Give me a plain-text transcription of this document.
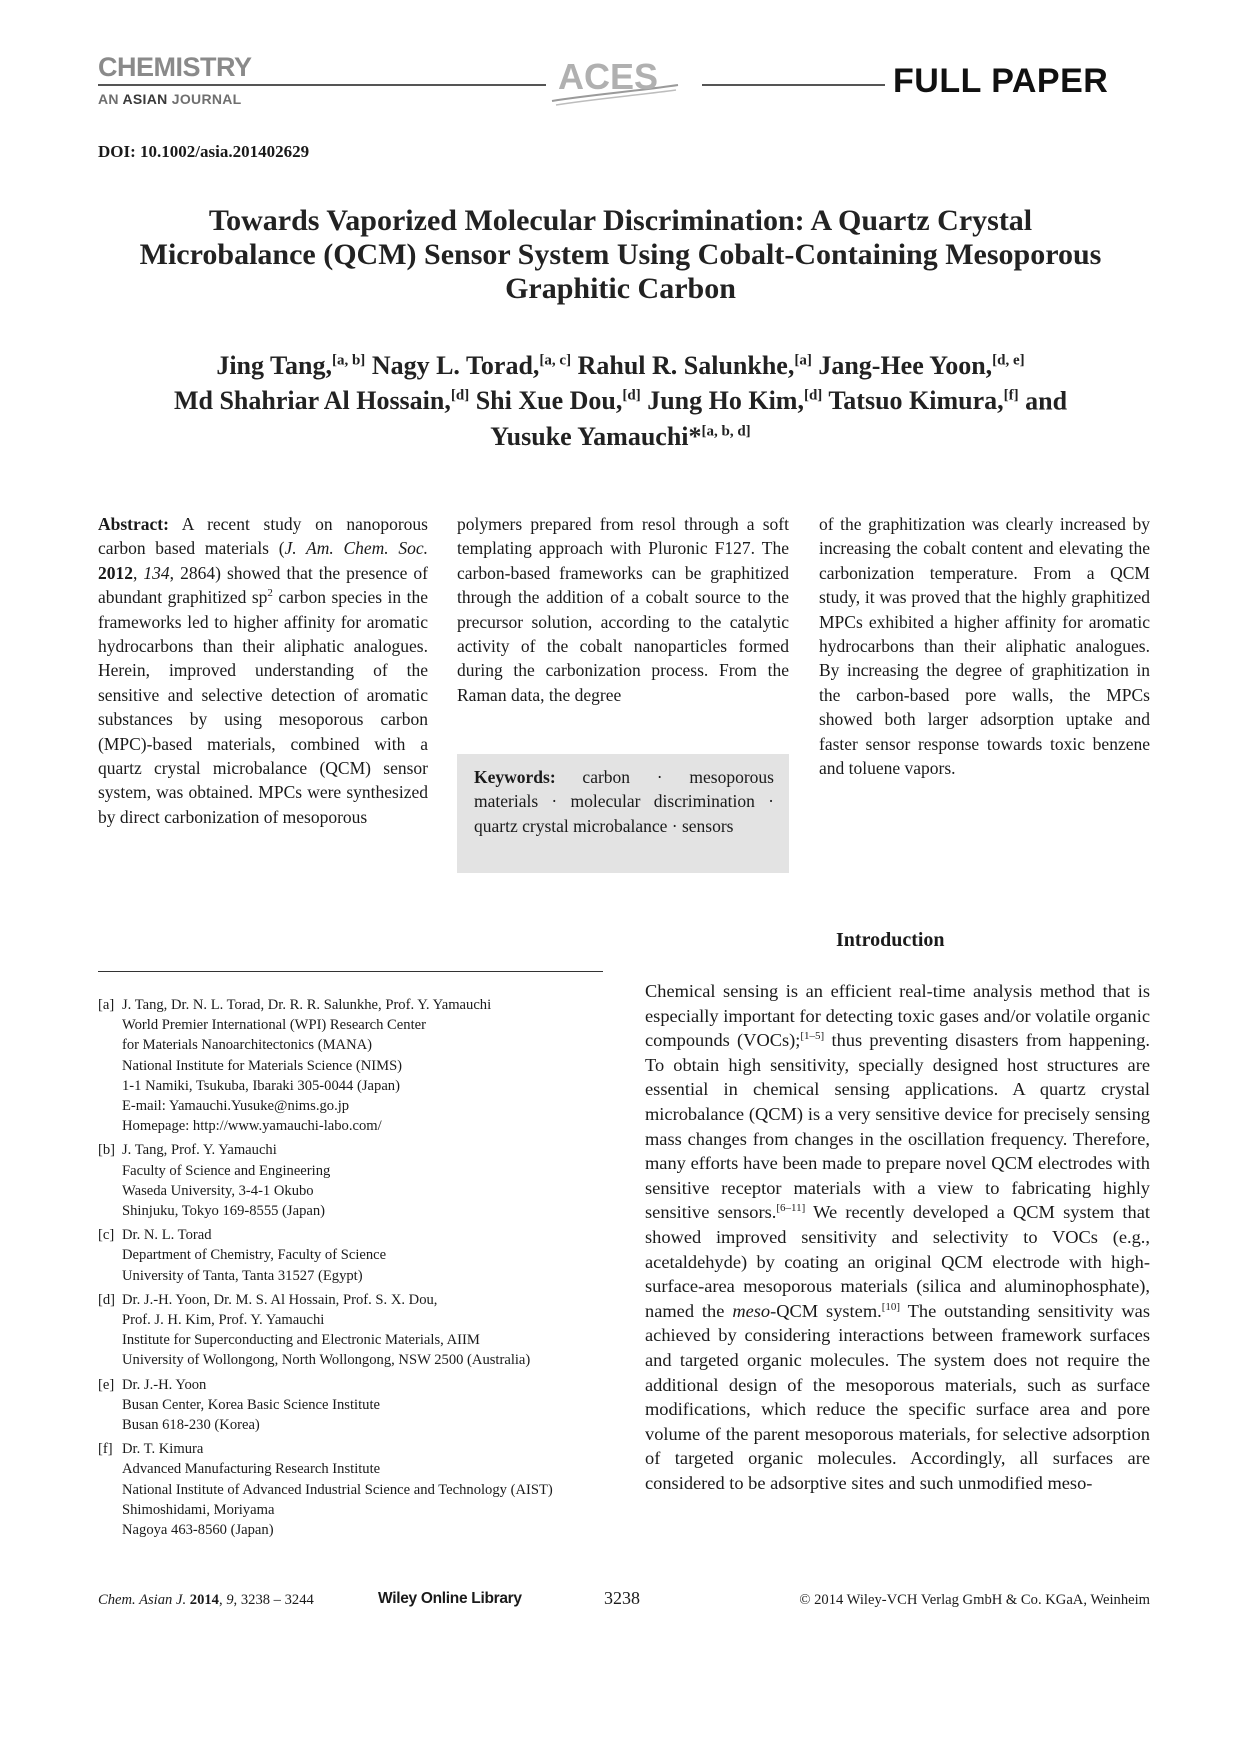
CHEMISTRY
AN ASIAN JOURNAL
ACES	FULL PAPER
DOI: 10.1002/asia.201402629
Towards Vaporized Molecular Discrimination: A Quartz Crystal
Microbalance (QCM) Sensor System Using Cobalt-Containing Mesoporous
Graphitic Carbon
Jing Tang,[a, b] Nagy L. Torad,[a, c] Rahul R. Salunkhe,[a] Jang-Hee Yoon,[d, e]
Md Shahriar Al Hossain,[d] Shi Xue Dou,[d] Jung Ho Kim,[d] Tatsuo Kimura,[f] and
Yusuke Yamauchi*[a, b, d]
Abstract: A recent study on nanoporous carbon based materials (J. Am. Chem. Soc. 2012, 134, 2864) showed that the presence of abundant graphitized $sp^2$ carbon species in the frameworks led to higher affinity for aromatic hydrocarbons than their aliphatic analogues. Herein, improved understanding of the sensitive and selective detection of aromatic substances by using mesoporous carbon (MPC)-based materials, combined with a quartz crystal microbalance (QCM) sensor system, was obtained. MPCs were synthesized by direct carbonization of mesoporous
polymers prepared from resol through a soft templating approach with Pluronic F127. The carbon-based frameworks can be graphitized through the addition of a cobalt source to the precursor solution, according to the catalytic activity of the cobalt nanoparticles formed during the carbonization process. From the Raman data, the degree
of the graphitization was clearly increased by increasing the cobalt content and elevating the carbonization temperature. From a QCM study, it was proved that the highly graphitized MPCs exhibited a higher affinity for aromatic hydrocarbons than their aliphatic analogues. By increasing the degree of graphitization in the carbon-based pore walls, the MPCs showed both larger adsorption uptake and faster sensor response towards toxic benzene and toluene vapors.
Keywords: carbon · mesoporous materials · molecular discrimination · quartz crystal microbalance · sensors
Introduction
Chemical sensing is an efficient real-time analysis method that is especially important for detecting toxic gases and/or volatile organic compounds (VOCs);[1–5] thus preventing disasters from happening. To obtain high sensitivity, specially designed host structures are essential in chemical sensing applications. A quartz crystal microbalance (QCM) is a very sensitive device for precisely sensing mass changes from changes in the oscillation frequency. Therefore, many efforts have been made to prepare novel QCM electrodes with sensitive receptor materials with a view to fabricating highly sensitive sensors.[6–11] We recently developed a QCM system that showed improved sensitivity and selectivity to VOCs (e.g., acetaldehyde) by coating an original QCM electrode with high-surface-area mesoporous materials (silica and aluminophosphate), named the meso-QCM system.[10] The outstanding sensitivity was achieved by considering interactions between framework surfaces and targeted organic molecules. The system does not require the additional design of the mesoporous materials, such as surface modifications, which reduce the specific surface area and pore volume of the parent mesoporous materials, for selective adsorption of targeted organic molecules. Accordingly, all surfaces are considered to be adsorptive sites and such unmodified meso-
[a] J. Tang, Dr. N. L. Torad, Dr. R. R. Salunkhe, Prof. Y. Yamauchi
World Premier International (WPI) Research Center
for Materials Nanoarchitectonics (MANA)
National Institute for Materials Science (NIMS)
1-1 Namiki, Tsukuba, Ibaraki 305-0044 (Japan)
E-mail: Yamauchi.Yusuke@nims.go.jp
Homepage: http://www.yamauchi-labo.com/
[b] J. Tang, Prof. Y. Yamauchi
Faculty of Science and Engineering
Waseda University, 3-4-1 Okubo
Shinjuku, Tokyo 169-8555 (Japan)
[c] Dr. N. L. Torad
Department of Chemistry, Faculty of Science
University of Tanta, Tanta 31527 (Egypt)
[d] Dr. J.-H. Yoon, Dr. M. S. Al Hossain, Prof. S. X. Dou,
Prof. J. H. Kim, Prof. Y. Yamauchi
Institute for Superconducting and Electronic Materials, AIIM
University of Wollongong, North Wollongong, NSW 2500 (Australia)
[e] Dr. J.-H. Yoon
Busan Center, Korea Basic Science Institute
Busan 618-230 (Korea)
[f] Dr. T. Kimura
Advanced Manufacturing Research Institute
National Institute of Advanced Industrial Science and Technology (AIST)
Shimoshidami, Moriyama
Nagoya 463-8560 (Japan)
Chem. Asian J. 2014, 9, 3238 – 3244	Wiley Online Library	3238	© 2014 Wiley-VCH Verlag GmbH & Co. KGaA, Weinheim
